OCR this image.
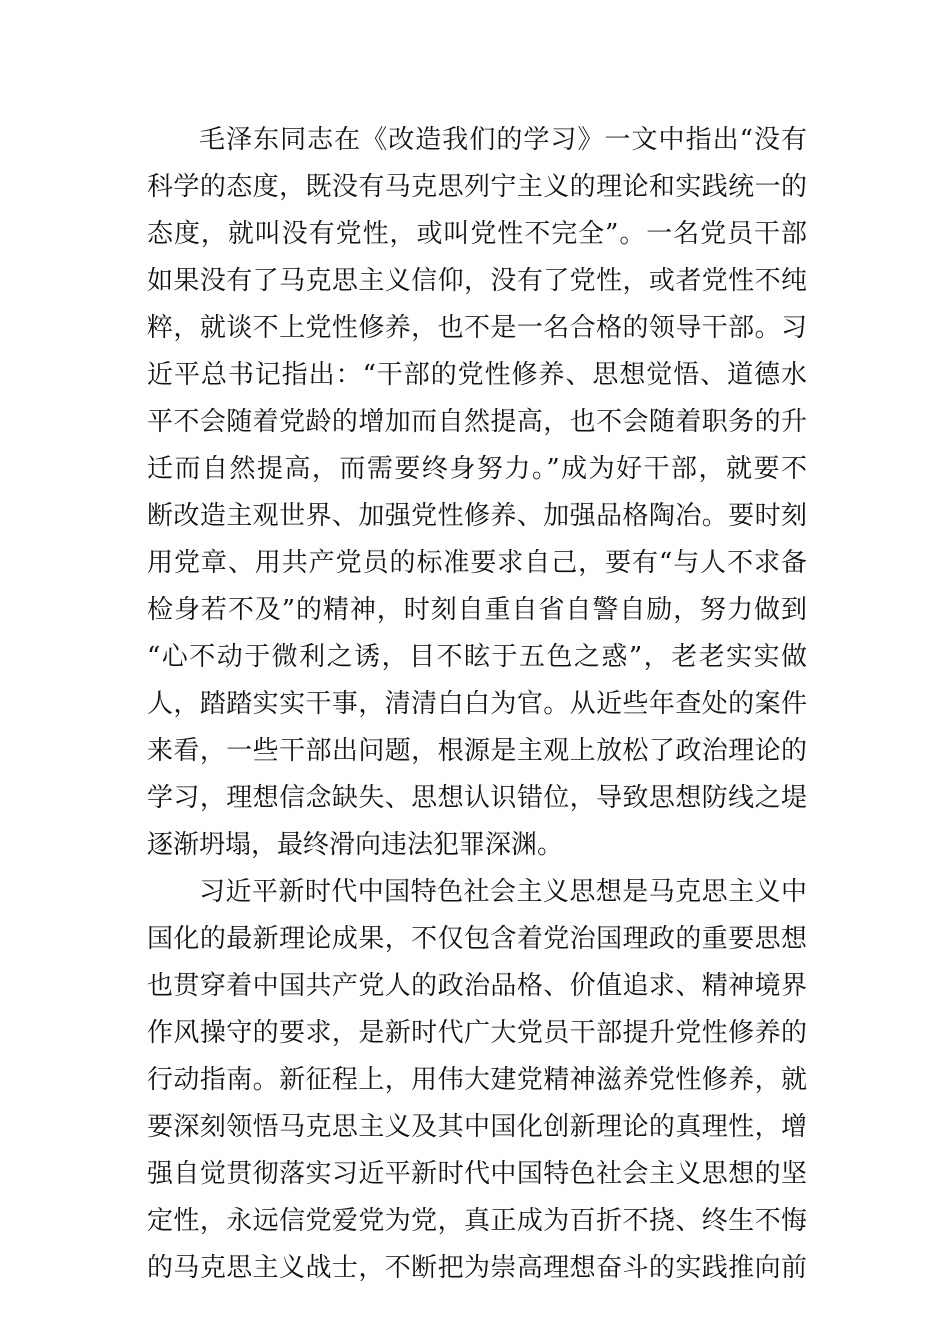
毛泽东同志在《改造我们的学习》一文中指出“没有
科学的态度，既没有马克思列宁主义的理论和实践统一的
态度，就叫没有党性，或叫党性不完全”。一名党员干部
如果没有了马克思主义信仰，没有了党性，或者党性不纯
粹，就谈不上党性修养，也不是一名合格的领导干部。习
近平总书记指出：“干部的党性修养、思想觉悟、道德水
平不会随着党龄的增加而自然提高，也不会随着职务的升
迁而自然提高，而需要终身努力。”成为好干部，就要不
断改造主观世界、加强党性修养、加强品格陶冶。要时刻
用党章、用共产党员的标准要求自己，要有“与人不求备
检身若不及”的精神，时刻自重自省自警自励，努力做到
“心不动于微利之诱，目不眩于五色之惑”，老老实实做
人，踏踏实实干事，清清白白为官。从近些年查处的案件
来看，一些干部出问题，根源是主观上放松了政治理论的
学习，理想信念缺失、思想认识错位，导致思想防线之堤
逐渐坍塌，最终滑向违法犯罪深渊。
习近平新时代中国特色社会主义思想是马克思主义中
国化的最新理论成果，不仅包含着党治国理政的重要思想
也贯穿着中国共产党人的政治品格、价值追求、精神境界
作风操守的要求，是新时代广大党员干部提升党性修养的
行动指南。新征程上，用伟大建党精神滋养党性修养，就
要深刻领悟马克思主义及其中国化创新理论的真理性，增
强自觉贯彻落实习近平新时代中国特色社会主义思想的坚
定性，永远信党爱党为党，真正成为百折不挠、终生不悔
的马克思主义战士，不断把为崇高理想奋斗的实践推向前
